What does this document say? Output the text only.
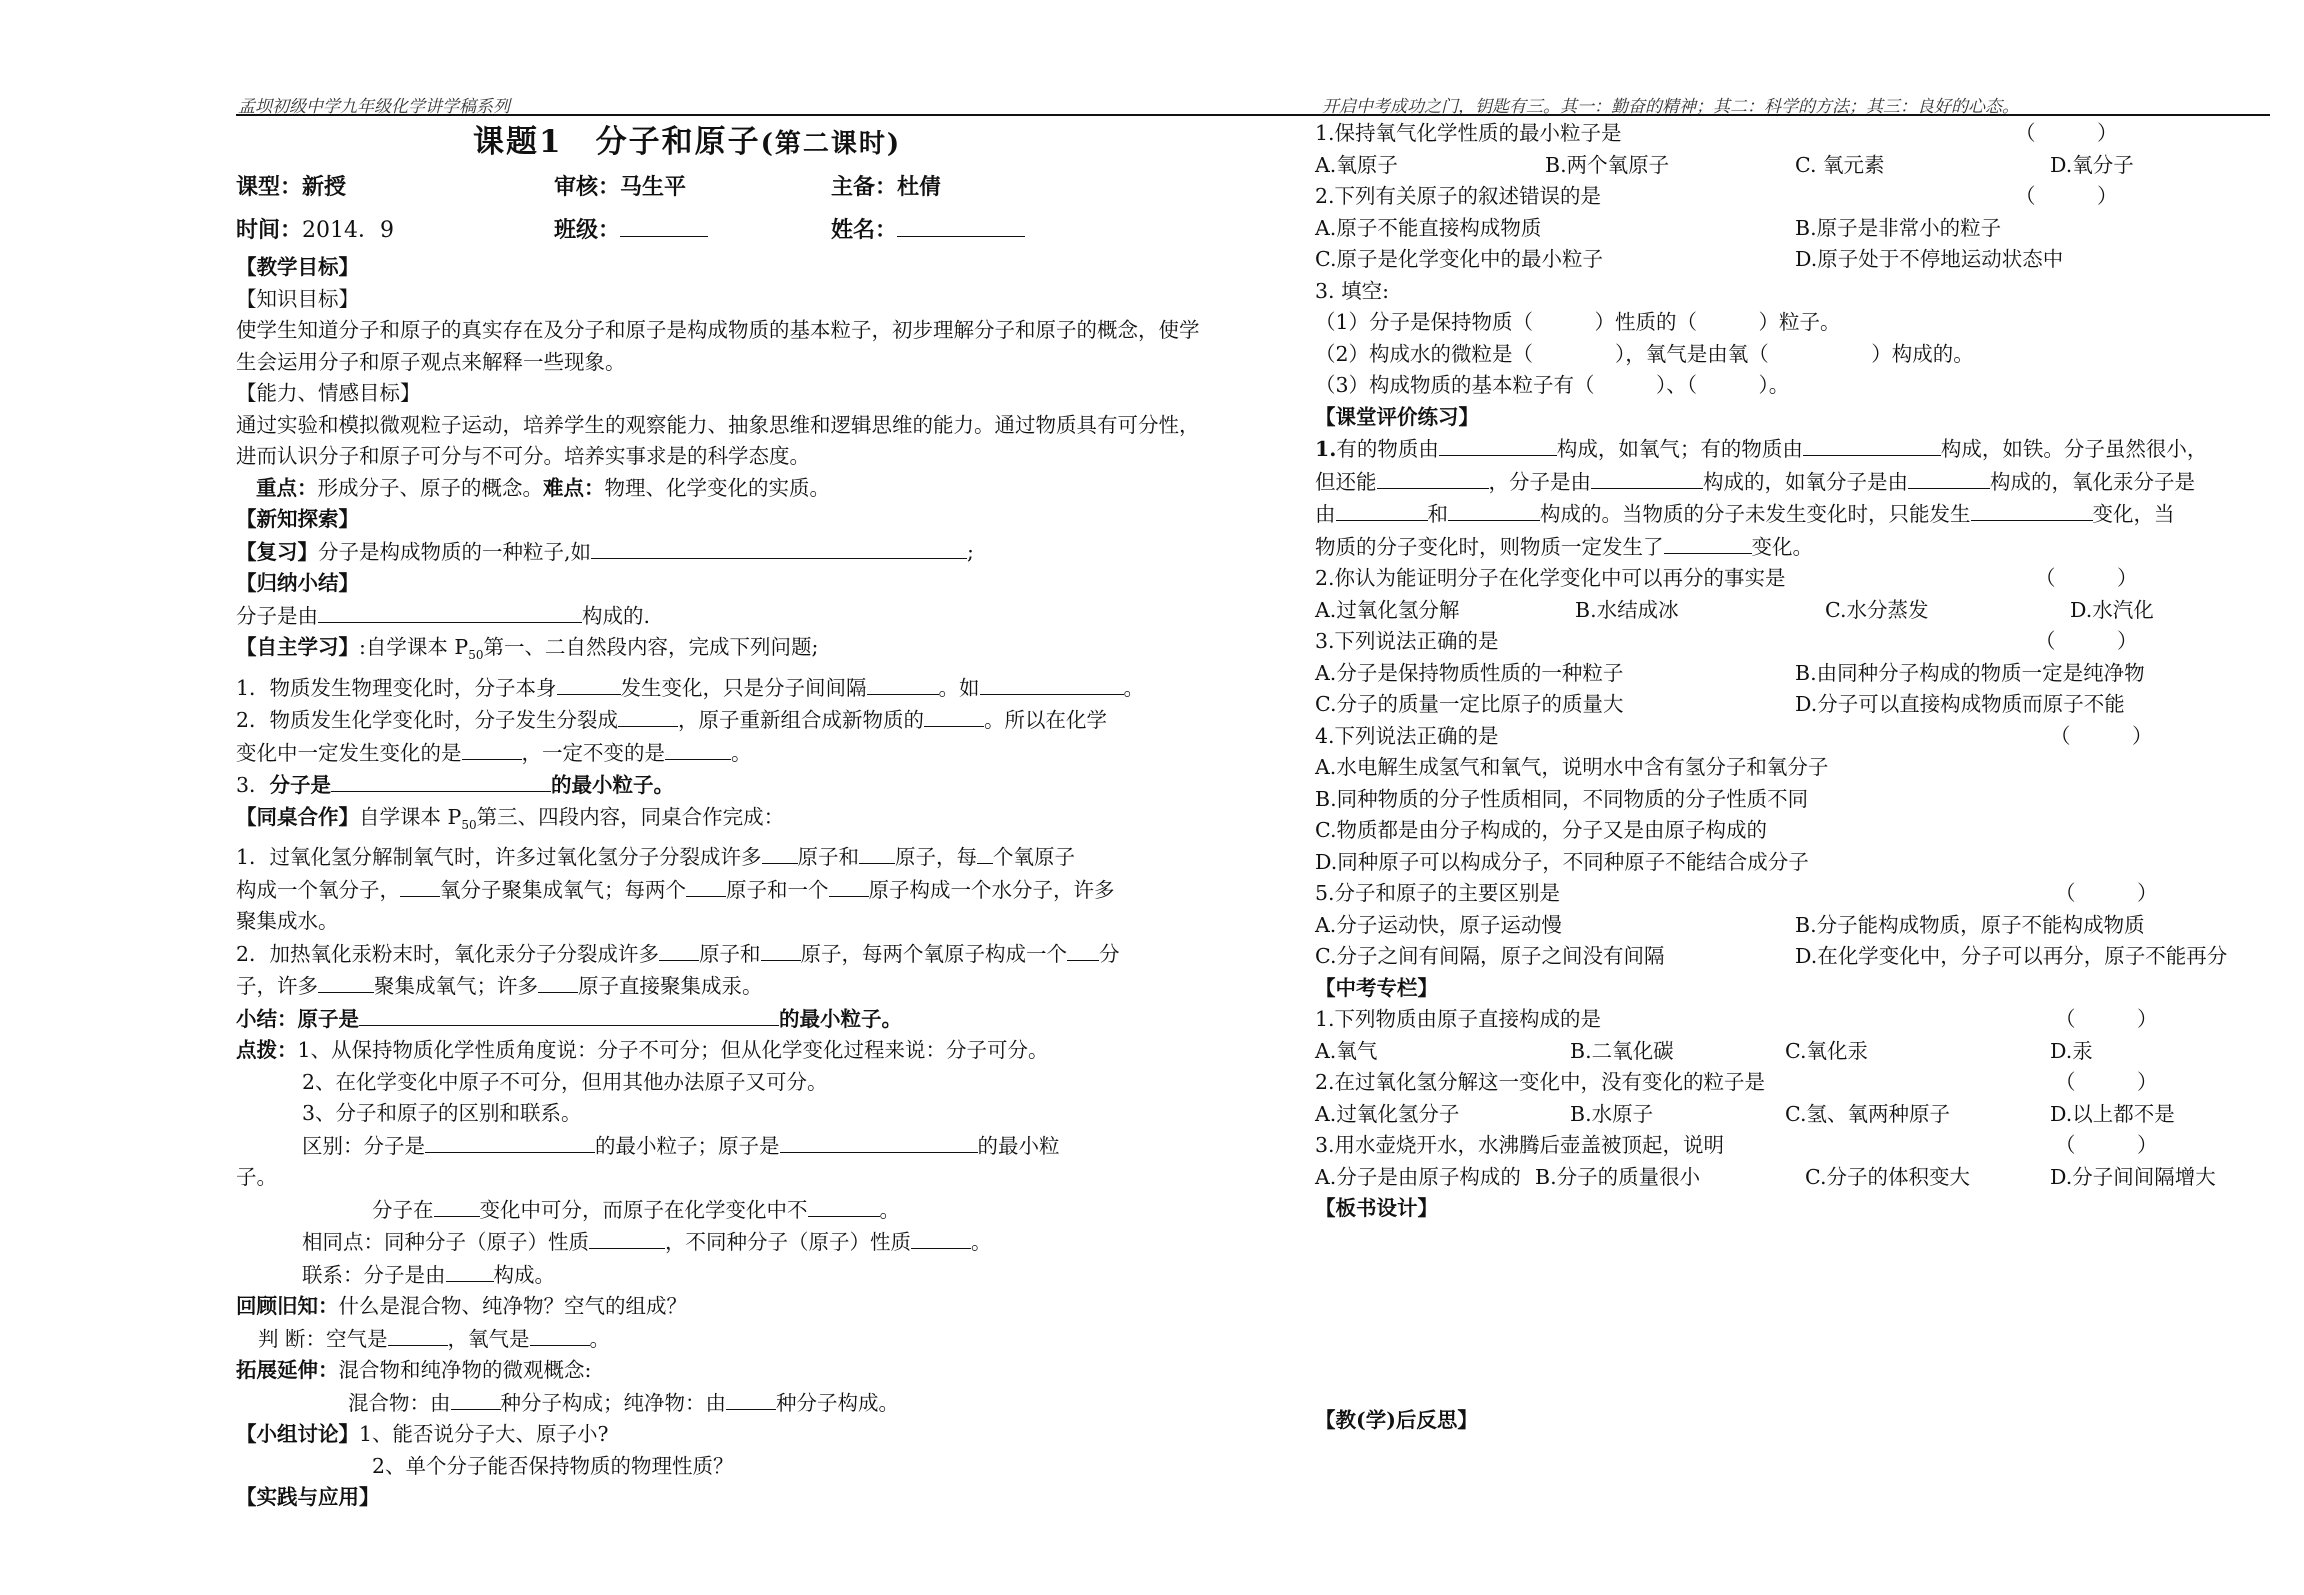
孟坝初级中学九年级化学讲学稿系列	开启中考成功之门，钥匙有三。其一：勤奋的精神；其二：科学的方法；其三：良好的心态。
课题1　分子和原子(第二课时)
课型：新授	审核：马生平	主备：杜倩
时间：2014．9	班级：	姓名：
【教学目标】
【知识目标】
使学生知道分子和原子的真实存在及分子和原子是构成物质的基本粒子，初步理解分子和原子的概念，使学生会运用分子和原子观点来解释一些现象。
【能力、情感目标】
通过实验和模拟微观粒子运动，培养学生的观察能力、抽象思维和逻辑思维的能力。通过物质具有可分性，进而认识分子和原子可分与不可分。培养实事求是的科学态度。
重点：形成分子、原子的概念。难点：物理、化学变化的实质。
【新知探索】
【复习】分子是构成物质的一种粒子,如	;
【归纳小结】
分子是由	构成的.
【自主学习】:自学课本 $P_{50}$第一、二自然段内容，完成下列问题;
1．物质发生物理变化时，分子本身	发生变化，只是分子间间隔	。如	。
2．物质发生化学变化时，分子发生分裂成	，原子重新组合成新物质的	。所以在化学
变化中一定发生变化的是	，一定不变的是	。
3．分子是	的最小粒子。
【同桌合作】自学课本 $P_{50}$第三、四段内容，同桌合作完成：
1．过氧化氢分解制氧气时，许多过氧化氢分子分裂成许多 原子和 原子，每 个氧原子
构成一个氧分子， 氧分子聚集成氧气；每两个 原子和一个 原子构成一个水分子，许多
聚集成水。
2．加热氧化汞粉末时，氧化汞分子分裂成许多 原子和 原子，每两个氧原子构成一个 分
子，许多	聚集成氧气；许多 原子直接聚集成汞。
小结：原子是	的最小粒子。
点拨：1、从保持物质化学性质角度说：分子不可分；但从化学变化过程来说：分子可分。
2、在化学变化中原子不可分，但用其他办法原子又可分。
3、分子和原子的区别和联系。
区别：分子是	的最小粒子；原子是	的最小粒
子。
分子在 变化中可分，而原子在化学变化中不	。
相同点：同种分子（原子）性质	，不同种分子（原子）性质	。
联系：分子是由 构成。
回顾旧知：什么是混合物、纯净物？空气的组成？
判 断：空气是	，氧气是	。
拓展延伸：混合物和纯净物的微观概念:
混合物：由 种分子构成；纯净物：由 种分子构成。
【小组讨论】1、能否说分子大、原子小?
2、单个分子能否保持物质的物理性质？
【实践与应用】
1.保持氧气化学性质的最小粒子是	（　　　）
A.氧原子	B.两个氧原子	C. 氧元素	D.氧分子
2.下列有关原子的叙述错误的是	（　　　）
A.原子不能直接构成物质	B.原子是非常小的粒子
C.原子是化学变化中的最小粒子	D.原子处于不停地运动状态中
3. 填空:
（1）分子是保持物质（　　　）性质的（　　　）粒子。
（2）构成水的微粒是（　　　　），氧气是由氧（　　　　　）构成的。
（3）构成物质的基本粒子有（　　　）、（　　　）。
【课堂评价练习】
1.有的物质由	构成，如氧气；有的物质由	构成，如铁。分子虽然很小，
但还能	，分子是由	构成的，如氧分子是由	构成的，氧化汞分子是
由	和	构成的。当物质的分子未发生变化时，只能发生	变化，当
物质的分子变化时，则物质一定发生了	变化。
2.你认为能证明分子在化学变化中可以再分的事实是	（　　　）
A.过氧化氢分解	B.水结成冰	C.水分蒸发	D.水汽化
3.下列说法正确的是	（　　　）
A.分子是保持物质性质的一种粒子	B.由同种分子构成的物质一定是纯净物
C.分子的质量一定比原子的质量大	D.分子可以直接构成物质而原子不能
4.下列说法正确的是	（　　　）
A.水电解生成氢气和氧气，说明水中含有氢分子和氧分子
B.同种物质的分子性质相同，不同物质的分子性质不同
C.物质都是由分子构成的，分子又是由原子构成的
D.同种原子可以构成分子，不同种原子不能结合成分子
5.分子和原子的主要区别是	（　　　）
A.分子运动快，原子运动慢	B.分子能构成物质，原子不能构成物质
C.分子之间有间隔，原子之间没有间隔	D.在化学变化中，分子可以再分，原子不能再分
【中考专栏】
1.下列物质由原子直接构成的是	（　　　）
A.氧气	B.二氧化碳	C.氧化汞	D.汞
2.在过氧化氢分解这一变化中，没有变化的粒子是	（　　　）
A.过氧化氢分子	B.水原子	C.氢、氧两种原子	D.以上都不是
3.用水壶烧开水，水沸腾后壶盖被顶起，说明	（　　　）
A.分子是由原子构成的 B.分子的质量很小	C.分子的体积变大	D.分子间间隔增大
【板书设计】
【教(学)后反思】
